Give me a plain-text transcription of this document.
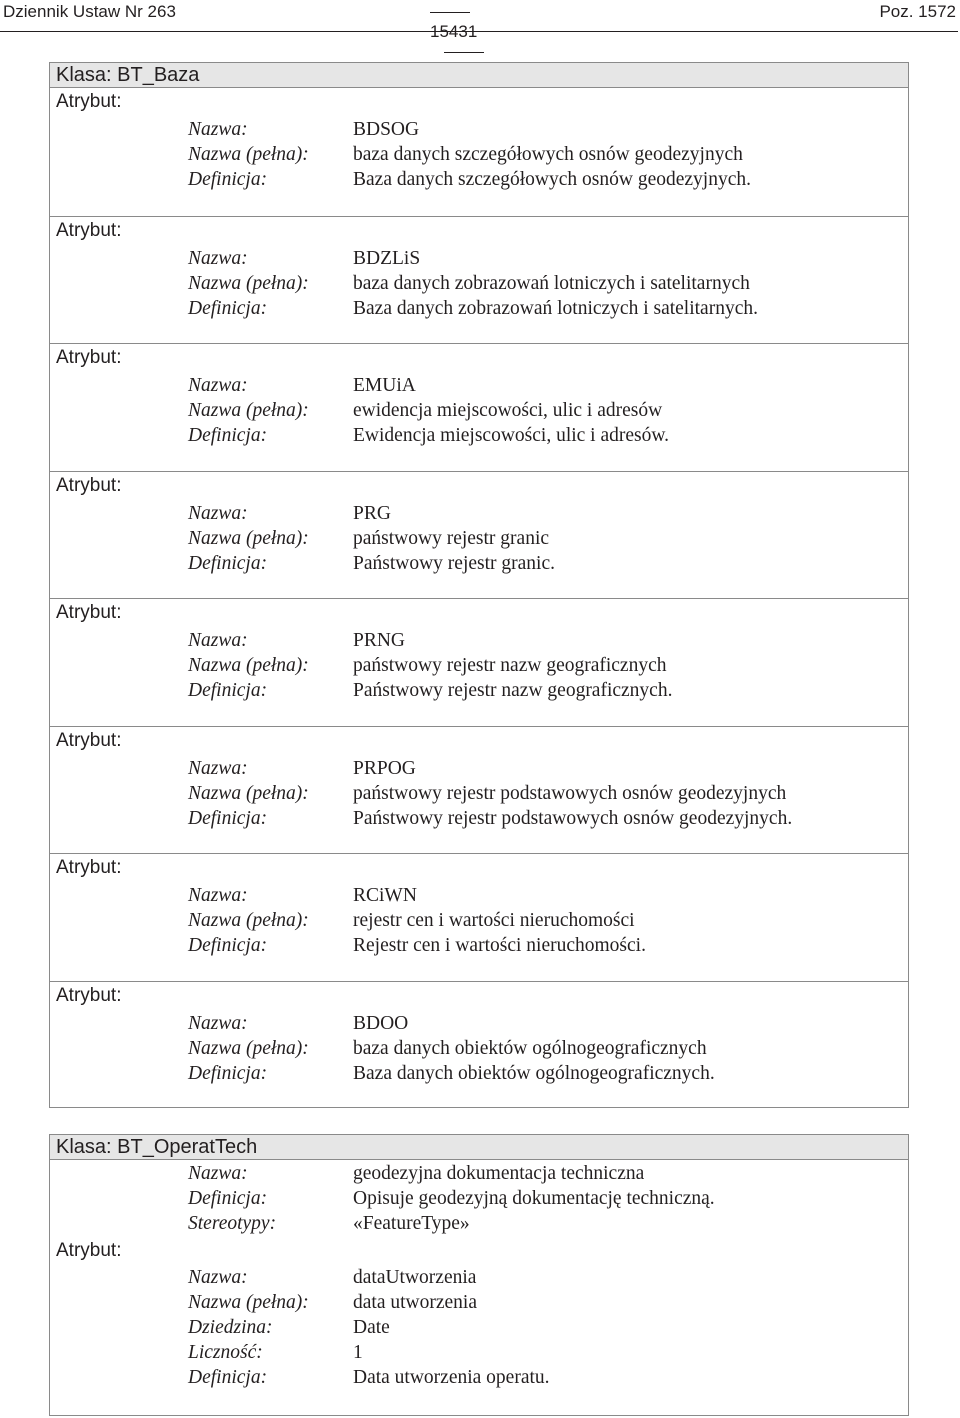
Dziennik Ustaw Nr 263
15431
Poz. 1572
Klasa: BT_Baza
Atrybut:
Nazwa:	BDSOG
Nazwa (pełna): baza danych szczegółowych osnów geodezyjnych
Definicja:	Baza danych szczegółowych osnów geodezyjnych.
Atrybut:
Nazwa:	BDZLiS
Nazwa (pełna): baza danych zobrazowań lotniczych i satelitarnych
Definicja:	Baza danych zobrazowań lotniczych i satelitarnych.
Atrybut:
Nazwa:	EMUiA
Nazwa (pełna): ewidencja miejscowości, ulic i adresów
Definicja:	Ewidencja miejscowości, ulic i adresów.
Atrybut:
Nazwa:	PRG
Nazwa (pełna): państwowy rejestr granic
Definicja:	Państwowy rejestr granic.
Atrybut:
Nazwa:	PRNG
Nazwa (pełna): państwowy rejestr nazw geograficznych
Definicja:	Państwowy rejestr nazw geograficznych.
Atrybut:
Nazwa:	PRPOG
Nazwa (pełna): państwowy rejestr podstawowych osnów geodezyjnych
Definicja:	Państwowy rejestr podstawowych osnów geodezyjnych.
Atrybut:
Nazwa:	RCiWN
Nazwa (pełna): rejestr cen i wartości nieruchomości
Definicja:	Rejestr cen i wartości nieruchomości.
Atrybut:
Nazwa:	BDOO
Nazwa (pełna): baza danych obiektów ogólnogeograficznych
Definicja:	Baza danych obiektów ogólnogeograficznych.
Klasa: BT_OperatTech
Nazwa:	geodezyjna dokumentacja techniczna
Definicja:	Opisuje geodezyjną dokumentację techniczną.
Stereotypy:	«FeatureType»
Atrybut:
Nazwa:	dataUtworzenia
Nazwa (pełna): data utworzenia
Dziedzina:	Date
Liczność:	1
Definicja:	Data utworzenia operatu.
